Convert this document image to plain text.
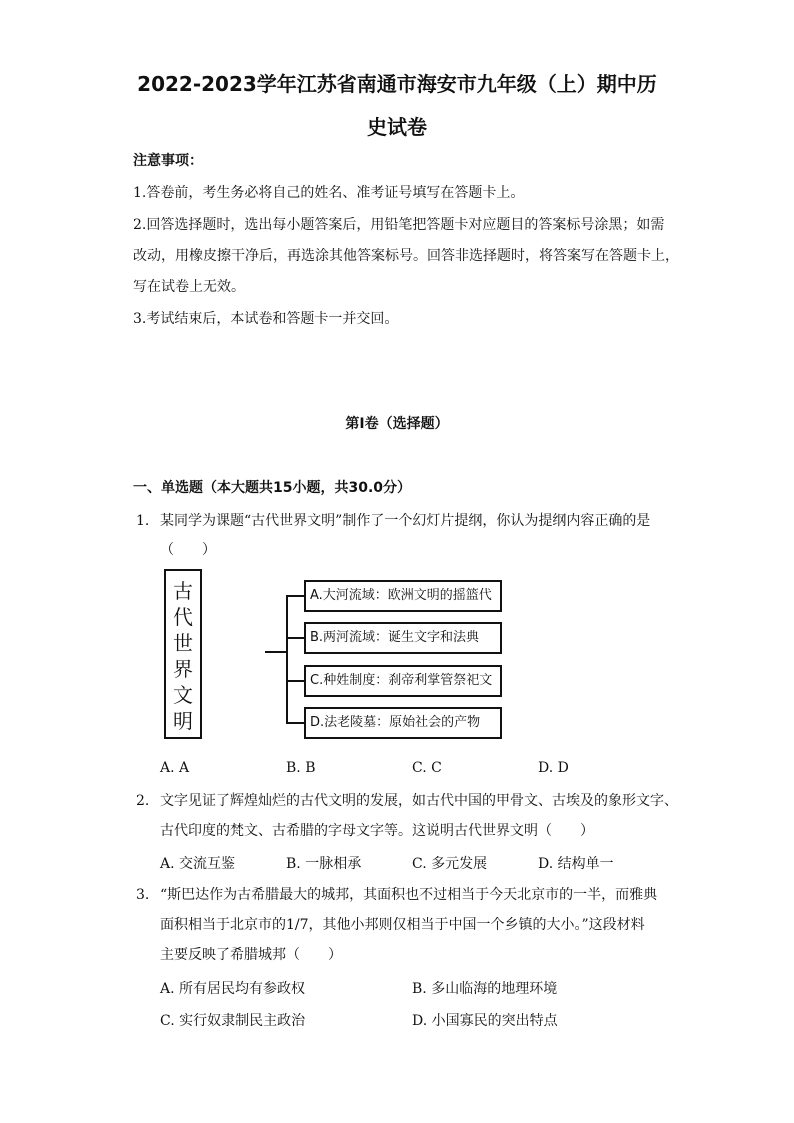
2022-2023学年江苏省南通市海安市九年级（上）期中历
史试卷
注意事项：
1.答卷前，考生务必将自己的姓名、准考证号填写在答题卡上。
2.回答选择题时，选出每小题答案后，用铅笔把答题卡对应题目的答案标号涂黑；如需
改动，用橡皮擦干净后，再选涂其他答案标号。回答非选择题时，将答案写在答题卡上，
写在试卷上无效。
3.考试结束后，本试卷和答题卡一并交回。
第I卷（选择题）
一、单选题（本大题共15小题，共30.0分）
1. 某同学为课题“古代世界文明”制作了一个幻灯片提纲，你认为提纲内容正确的是
（　　）
古
代
世
界
文
明
A.大河流域：欧洲文明的摇篮代
B.两河流域：诞生文字和法典
C.种姓制度：刹帝利掌管祭祀文
D.法老陵墓：原始社会的产物
A. A	B. B	C. C	D. D
2. 文字见证了辉煌灿烂的古代文明的发展，如古代中国的甲骨文、古埃及的象形文字、
古代印度的梵文、古希腊的字母文字等。这说明古代世界文明（　　）
A. 交流互鉴	B. 一脉相承	C. 多元发展	D. 结构单一
3. “斯巴达作为古希腊最大的城邦，其面积也不过相当于今天北京市的一半，而雅典
面积相当于北京市的1/7，其他小邦则仅相当于中国一个乡镇的大小。”这段材料
主要反映了希腊城邦（　　）
A. 所有居民均有参政权	B. 多山临海的地理环境
C. 实行奴隶制民主政治	D. 小国寡民的突出特点
